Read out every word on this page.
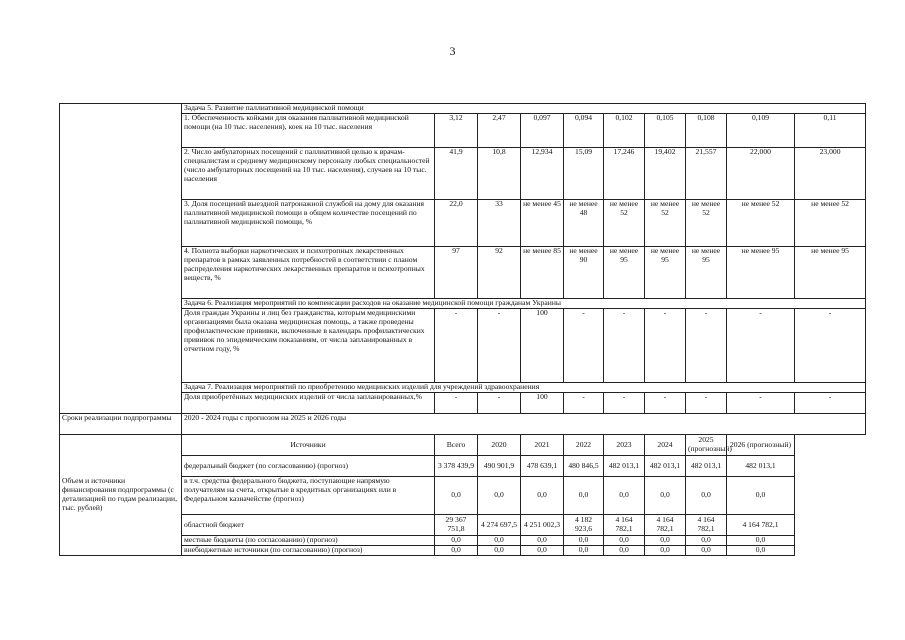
3
	Задача 5. Развитие паллиативной медицинской помощи									
	1. Обеспеченность койками для оказания паллиативной медицинской помощи (на 10 тыс. населения), коек на 10 тыс. населения	3,12	2,47	0,097	0,094	0,102	0,105	0,108	0,109	0,11
	2. Число амбулаторных посещений с паллиативной целью к врачам-специалистам и среднему медицинскому персоналу любых специальностей (число амбулаторных посещений на 10 тыс. населения), случаев на 10 тыс. населения	41,9	10,8	12,934	15,09	17,246	19,402	21,557	22,000	23,000
	3. Доля посещений выездной патронажной службой на дому для оказания паллиативной медицинской помощи в общем количестве посещений по паллиативной медицинской помощи, %	22,0	33	не менее 45	не менее 48	не менее 52	не менее 52	не менее 52	не менее 52	не менее 52
	4. Полнота выборки наркотических и психотропных лекарственных препаратов в рамках заявленных потребностей в соответствии с планом распределения наркотических лекарственных препаратов и психотропных веществ, %	97	92	не менее 85	не менее 90	не менее 95	не менее 95	не менее 95	не менее 95	не менее 95
	Задача 6. Реализация мероприятий по компенсации расходов на оказание медицинской помощи гражданам Украины									
	Доля граждан Украины и лиц без гражданства, которым медицинскими организациями была оказана медицинская помощь, а также проведены профилактические прививки, включенные в календарь профилактических прививок по эпидемическим показаниям, от числа запланированных в отчетном году, %	-	-	100	-	-	-	-	-	-
	Задача 7. Реализация мероприятий по приобретению медицинских изделий для учреждений здравоохранения									
	Доля приобретённых медицинских изделий от числа запланированных,%	-	-	100	-	-	-	-	-	-
Сроки реализации подпрограммы	2020 - 2024 годы с прогнозом на 2025 и 2026 годы									
Объем и источники финансирования подпрограммы (с детализацией по годам реализации, тыс. рублей)	Источники	Всего	2020	2021	2022	2023	2024	2025 (прогнозный)	2026 (прогнозный)	
	федеральный бюджет (по согласованию) (прогноз)	3 378 439,9	490 901,9	478 639,1	480 846,5	482 013,1	482 013,1	482 013,1	482 013,1	
	в т.ч. средства федерального бюджета, поступающие напрямую получателям на счета, открытые в кредитных организациях или в Федеральном казначействе (прогноз)	0,0	0,0	0,0	0,0	0,0	0,0	0,0	0,0	
	областной бюджет	29 367 751,8	4 274 697,5	4 251 002,3	4 182 923,6	4 164 782,1	4 164 782,1	4 164 782,1	4 164 782,1	
	местные бюджеты (по согласованию) (прогноз)	0,0	0,0	0,0	0,0	0,0	0,0	0,0	0,0	
	внебюджетные источники (по согласованию) (прогноз)	0,0	0,0	0,0	0,0	0,0	0,0	0,0	0,0	
